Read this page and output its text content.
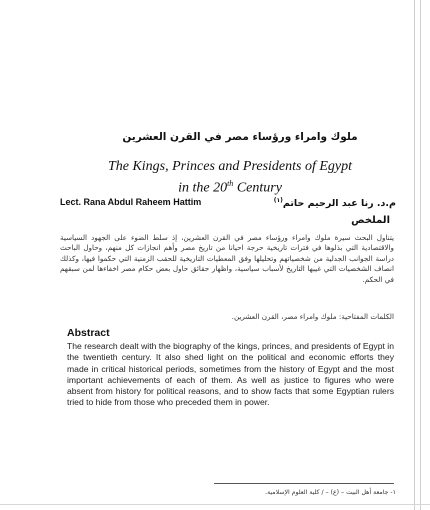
ملوك وامراء ورؤساء مصر في القرن العشرين
The Kings, Princes and Presidents of Egypt
in the 20th Century
Lect. Rana Abdul Raheem Hattim	م.د. رنا عبد الرحيم حاتم$^{(١)}$
الملخص
يتناول البحث سيرة ملوك وامراء ورؤساء مصر في القرن العشرين، إذ سلط الضوء على الجهود السياسية والاقتصادية التي بذلوها في فترات تاريخية حرجة احيانا من تاريخ مصر وأهم انجازات كل منهم، وحاول الباحث دراسة الجوانب الجدلية من شخصياتهم وتحليلها وفق المعطيات التاريخية للحقب الزمنية التي حكموا فيها، وكذلك انصاف الشخصيات التي غيبها التاريخ لأسباب سياسية، واظهار حقائق حاول بعض حكام مصر اخفاءها لمن سبقهم في الحكم.
الكلمات المفتاحية: ملوك وامراء مصر، القرن العشرين.
Abstract
The research dealt with the biography of the kings, princes, and presidents of Egypt in the twentieth century. It also shed light on the political and economic efforts they made in critical historical periods, sometimes from the history of Egypt and the most important achievements of each of them. As well as justice to figures who were absent from history for political reasons, and to show facts that some Egyptian rulers tried to hide from those who preceded them in power.
١- جامعة أهل البيت – (ع) – / كلية العلوم الإسلامية.
